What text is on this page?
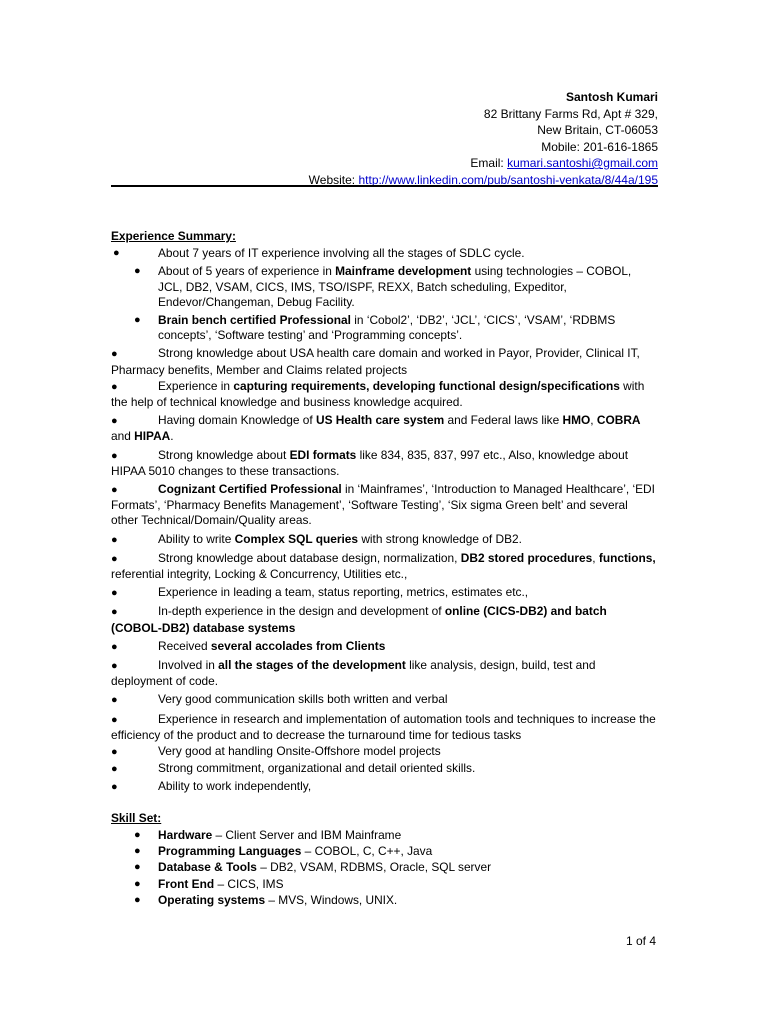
Santosh Kumari
82 Brittany Farms Rd, Apt # 329,
New Britain, CT-06053
Mobile: 201-616-1865
Email: kumari.santoshi@gmail.com
Website: http://www.linkedin.com/pub/santoshi-venkata/8/44a/195
Experience Summary:
●	About 7 years of IT experience involving all the stages of SDLC cycle.
● About of 5 years of experience in Mainframe development using technologies – COBOL, JCL, DB2, VSAM, CICS, IMS, TSO/ISPF, REXX, Batch scheduling, Expeditor, Endevor/Changeman, Debug Facility.
● Brain bench certified Professional in ‘Cobol2’, ‘DB2’, ‘JCL’, ‘CICS’, ‘VSAM’, ‘RDBMS concepts’, ‘Software testing’ and ‘Programming concepts’.
●	Strong knowledge about USA health care domain and worked in Payor, Provider, Clinical IT, Pharmacy benefits, Member and Claims related projects
●	Experience in capturing requirements, developing functional design/specifications with the help of technical knowledge and business knowledge acquired.
●	Having domain Knowledge of US Health care system and Federal laws like HMO, COBRA and HIPAA.
●	Strong knowledge about EDI formats like 834, 835, 837, 997 etc., Also, knowledge about HIPAA 5010 changes to these transactions.
●	Cognizant Certified Professional in ‘Mainframes’, ‘Introduction to Managed Healthcare’, ‘EDI Formats’, ‘Pharmacy Benefits Management’, ‘Software Testing’, ‘Six sigma Green belt’ and several other Technical/Domain/Quality areas.
●	Ability to write Complex SQL queries with strong knowledge of DB2.
●	Strong knowledge about database design, normalization, DB2 stored procedures, functions, referential integrity, Locking & Concurrency, Utilities etc.,
●	Experience in leading a team, status reporting, metrics, estimates etc.,
●	In-depth experience in the design and development of online (CICS-DB2) and batch (COBOL-DB2) database systems
●	Received several accolades from Clients
●	Involved in all the stages of the development like analysis, design, build, test and deployment of code.
●	Very good communication skills both written and verbal
●	Experience in research and implementation of automation tools and techniques to increase the efficiency of the product and to decrease the turnaround time for tedious tasks
●	Very good at handling Onsite-Offshore model projects
●	Strong commitment, organizational and detail oriented skills.
●	Ability to work independently,
Skill Set:
● Hardware – Client Server and IBM Mainframe
● Programming Languages – COBOL, C, C++, Java
● Database & Tools – DB2, VSAM, RDBMS, Oracle, SQL server
● Front End – CICS, IMS
● Operating systems – MVS, Windows, UNIX.
1 of 4
